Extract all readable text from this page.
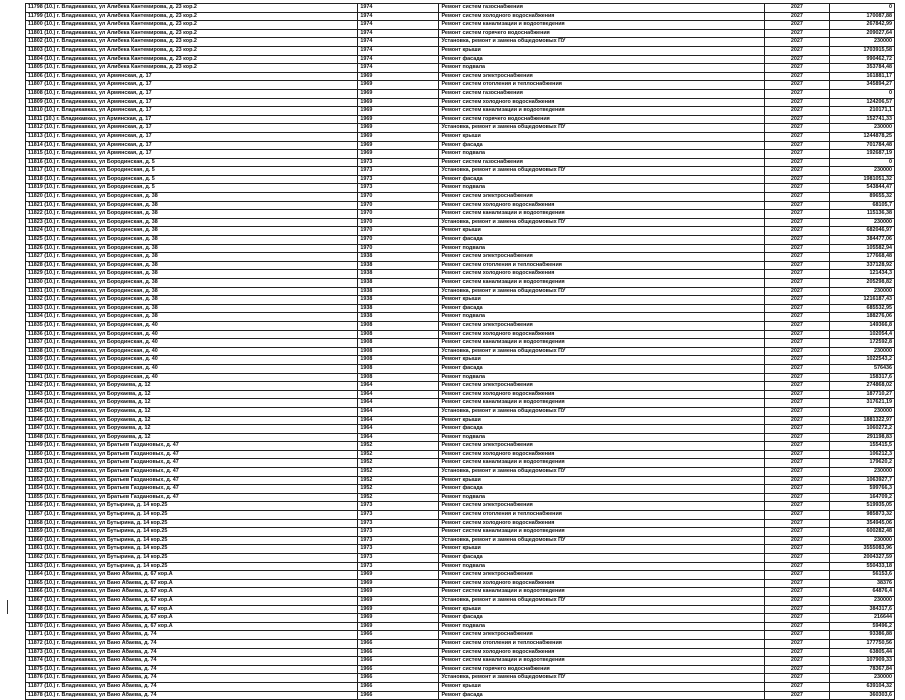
11798 (10.) г. Владикавказ, ул Алибека Кантемирова, д. 23 кор.2	1974	Ремонт систем газоснабжения	2027	0
11799 (10.) г. Владикавказ, ул Алибека Кантемирова, д. 23 кор.2	1974	Ремонт систем холодного водоснабжения	2027	170087,88
11800 (10.) г. Владикавказ, ул Алибека Кантемирова, д. 23 кор.2	1974	Ремонт систем канализации и водоотведения	2027	267842,99
11801 (10.) г. Владикавказ, ул Алибека Кантемирова, д. 23 кор.2	1974	Ремонт систем горячего водоснабжения	2027	209027,64
11802 (10.) г. Владикавказ, ул Алибека Кантемирова, д. 23 кор.2	1974	Установка, ремонт и замена общедомовых ПУ	2027	230000
11803 (10.) г. Владикавказ, ул Алибека Кантемирова, д. 23 кор.2	1974	Ремонт крыши	2027	1703915,58
11804 (10.) г. Владикавказ, ул Алибека Кантемирова, д. 23 кор.2	1974	Ремонт фасада	2027	990462,72
11805 (10.) г. Владикавказ, ул Алибека Кантемирова, д. 23 кор.2	1974	Ремонт подвала	2027	353784,48
11806 (10.) г. Владикавказ, ул Армянская, д. 17	1969	Ремонт систем электроснабжения	2027	161881,17
11807 (10.) г. Владикавказ, ул Армянская, д. 17	1969	Ремонт систем отопления и теплоснабжения	2027	345894,27
11808 (10.) г. Владикавказ, ул Армянская, д. 17	1969	Ремонт систем газоснабжения	2027	0
11809 (10.) г. Владикавказ, ул Армянская, д. 17	1969	Ремонт систем холодного водоснабжения	2027	124206,57
11810 (10.) г. Владикавказ, ул Армянская, д. 17	1969	Ремонт систем канализации и водоотведения	2027	210171,1
11811 (10.) г. Владикавказ, ул Армянская, д. 17	1969	Ремонт систем горячего водоснабжения	2027	152741,33
11812 (10.) г. Владикавказ, ул Армянская, д. 17	1969	Установка, ремонт и замена общедомовых ПУ	2027	230000
11813 (10.) г. Владикавказ, ул Армянская, д. 17	1969	Ремонт крыши	2027	1244878,25
11814 (10.) г. Владикавказ, ул Армянская, д. 17	1969	Ремонт фасада	2027	701784,48
11815 (10.) г. Владикавказ, ул Армянская, д. 17	1969	Ремонт подвала	2027	192687,19
11816 (10.) г. Владикавказ, ул Бородинская, д. 5	1973	Ремонт систем газоснабжения	2027	0
11817 (10.) г. Владикавказ, ул Бородинская, д. 5	1973	Установка, ремонт и замена общедомовых ПУ	2027	230000
11818 (10.) г. Владикавказ, ул Бородинская, д. 5	1973	Ремонт фасада	2027	1981051,32
11819 (10.) г. Владикавказ, ул Бородинская, д. 5	1973	Ремонт подвала	2027	543844,47
11820 (10.) г. Владикавказ, ул Бородинская, д. 38	1970	Ремонт систем электроснабжения	2027	89655,32
11821 (10.) г. Владикавказ, ул Бородинская, д. 38	1970	Ремонт систем холодного водоснабжения	2027	68105,7
11822 (10.) г. Владикавказ, ул Бородинская, д. 38	1970	Ремонт систем канализации и водоотведения	2027	115136,38
11823 (10.) г. Владикавказ, ул Бородинская, д. 38	1970	Установка, ремонт и замена общедомовых ПУ	2027	230000
11824 (10.) г. Владикавказ, ул Бородинская, д. 38	1970	Ремонт крыши	2027	682046,97
11825 (10.) г. Владикавказ, ул Бородинская, д. 38	1970	Ремонт фасада	2027	384477,06
11826 (10.) г. Владикавказ, ул Бородинская, д. 38	1970	Ремонт подвала	2027	105582,94
11827 (10.) г. Владикавказ, ул Бородинская, д. 38	1938	Ремонт систем электроснабжения	2027	177668,48
11828 (10.) г. Владикавказ, ул Бородинская, д. 38	1938	Ремонт систем отопления и теплоснабжения	2027	337128,92
11829 (10.) г. Владикавказ, ул Бородинская, д. 38	1938	Ремонт систем холодного водоснабжения	2027	121434,3
11830 (10.) г. Владикавказ, ул Бородинская, д. 38	1938	Ремонт систем канализации и водоотведения	2027	205298,82
11831 (10.) г. Владикавказ, ул Бородинская, д. 38	1938	Установка, ремонт и замена общедомовых ПУ	2027	230000
11832 (10.) г. Владикавказ, ул Бородинская, д. 38	1938	Ремонт крыши	2027	1216187,43
11833 (10.) г. Владикавказ, ул Бородинская, д. 38	1938	Ремонт фасада	2027	685532,95
11834 (10.) г. Владикавказ, ул Бородинская, д. 38	1938	Ремонт подвала	2027	188276,06
11835 (10.) г. Владикавказ, ул Бородинская, д. 40	1908	Ремонт систем электроснабжения	2027	149366,8
11836 (10.) г. Владикавказ, ул Бородинская, д. 40	1908	Ремонт систем холодного водоснабжения	2027	102054,4
11837 (10.) г. Владикавказ, ул Бородинская, д. 40	1908	Ремонт систем канализации и водоотведения	2027	172592,8
11838 (10.) г. Владикавказ, ул Бородинская, д. 40	1908	Установка, ремонт и замена общедомовых ПУ	2027	230000
11839 (10.) г. Владикавказ, ул Бородинская, д. 40	1908	Ремонт крыши	2027	1022543,2
11840 (10.) г. Владикавказ, ул Бородинская, д. 40	1908	Ремонт фасада	2027	576436
11841 (10.) г. Владикавказ, ул Бородинская, д. 40	1908	Ремонт подвала	2027	158317,6
11842 (10.) г. Владикавказ, ул Борукаева, д. 12	1964	Ремонт систем электроснабжения	2027	274868,02
11843 (10.) г. Владикавказ, ул Борукаева, д. 12	1964	Ремонт систем холодного водоснабжения	2027	187710,27
11844 (10.) г. Владикавказ, ул Борукаева, д. 12	1964	Ремонт систем канализации и водоотведения	2027	317621,19
11845 (10.) г. Владикавказ, ул Борукаева, д. 12	1964	Установка, ремонт и замена общедомовых ПУ	2027	230000
11846 (10.) г. Владикавказ, ул Борукаева, д. 12	1964	Ремонт крыши	2027	1881322,97
11847 (10.) г. Владикавказ, ул Борукаева, д. 12	1964	Ремонт фасада	2027	1060272,2
11848 (10.) г. Владикавказ, ул Борукаева, д. 12	1964	Ремонт подвала	2027	291198,83
11849 (10.) г. Владикавказ, ул Братьев Газдановых, д. 47	1952	Ремонт систем электроснабжения	2027	155415,5
11850 (10.) г. Владикавказ, ул Братьев Газдановых, д. 47	1952	Ремонт систем холодного водоснабжения	2027	106212,3
11851 (10.) г. Владикавказ, ул Братьев Газдановых, д. 47	1952	Ремонт систем канализации и водоотведения	2027	179620,2
11852 (10.) г. Владикавказ, ул Братьев Газдановых, д. 47	1952	Установка, ремонт и замена общедомовых ПУ	2027	230000
11853 (10.) г. Владикавказ, ул Братьев Газдановых, д. 47	1952	Ремонт крыши	2027	1063927,7
11854 (10.) г. Владикавказ, ул Братьев Газдановых, д. 47	1952	Ремонт фасада	2027	599766,3
11855 (10.) г. Владикавказ, ул Братьев Газдановых, д. 47	1952	Ремонт подвала	2027	164709,2
11856 (10.) г. Владикавказ, ул Бутырина, д. 14 кор.25	1973	Ремонт систем электроснабжения	2027	519935,05
11857 (10.) г. Владикавказ, ул Бутырина, д. 14 кор.25	1973	Ремонт систем отопления и теплоснабжения	2027	985873,32
11858 (10.) г. Владикавказ, ул Бутырина, д. 14 кор.25	1973	Ремонт систем холодного водоснабжения	2027	354945,06
11859 (10.) г. Владикавказ, ул Бутырина, д. 14 кор.25	1973	Ремонт систем канализации и водоотведения	2027	600282,48
11860 (10.) г. Владикавказ, ул Бутырина, д. 14 кор.25	1973	Установка, ремонт и замена общедомовых ПУ	2027	230000
11861 (10.) г. Владикавказ, ул Бутырина, д. 14 кор.25	1973	Ремонт крыши	2027	3555083,96
11862 (10.) г. Владикавказ, ул Бутырина, д. 14 кор.25	1973	Ремонт фасада	2027	2004327,59
11863 (10.) г. Владикавказ, ул Бутырина, д. 14 кор.25	1973	Ремонт подвала	2027	550433,18
11864 (10.) г. Владикавказ, ул Вано Абаева, д. 67 кор.А	1969	Ремонт систем электроснабжения	2027	56153,6
11865 (10.) г. Владикавказ, ул Вано Абаева, д. 67 кор.А	1969	Ремонт систем холодного водоснабжения	2027	38376
11866 (10.) г. Владикавказ, ул Вано Абаева, д. 67 кор.А	1969	Ремонт систем канализации и водоотведения	2027	64876,4
11867 (10.) г. Владикавказ, ул Вано Абаева, д. 67 кор.А	1969	Установка, ремонт и замена общедомовых ПУ	2027	230000
11868 (10.) г. Владикавказ, ул Вано Абаева, д. 67 кор.А	1969	Ремонт крыши	2027	384317,6
11869 (10.) г. Владикавказ, ул Вано Абаева, д. 67 кор.А	1969	Ремонт фасада	2027	216644
11870 (10.) г. Владикавказ, ул Вано Абаева, д. 67 кор.А	1969	Ремонт подвала	2027	59496,2
11871 (10.) г. Владикавказ, ул Вано Абаева, д. 74	1966	Ремонт систем электроснабжения	2027	93386,88
11872 (10.) г. Владикавказ, ул Вано Абаева, д. 74	1966	Ремонт систем отопления и теплоснабжения	2027	177750,56
11873 (10.) г. Владикавказ, ул Вано Абаева, д. 74	1966	Ремонт систем холодного водоснабжения	2027	63805,44
11874 (10.) г. Владикавказ, ул Вано Абаева, д. 74	1966	Ремонт систем канализации и водоотведения	2027	107909,33
11875 (10.) г. Владикавказ, ул Вано Абаева, д. 74	1966	Ремонт систем горячего водоснабжения	2027	78367,84
11876 (10.) г. Владикавказ, ул Вано Абаева, д. 74	1966	Установка, ремонт и замена общедомовых ПУ	2027	230000
11877 (10.) г. Владикавказ, ул Вано Абаева, д. 74	1966	Ремонт крыши	2027	639104,32
11878 (10.) г. Владикавказ, ул Вано Абаева, д. 74	1966	Ремонт фасада	2027	360303,6
